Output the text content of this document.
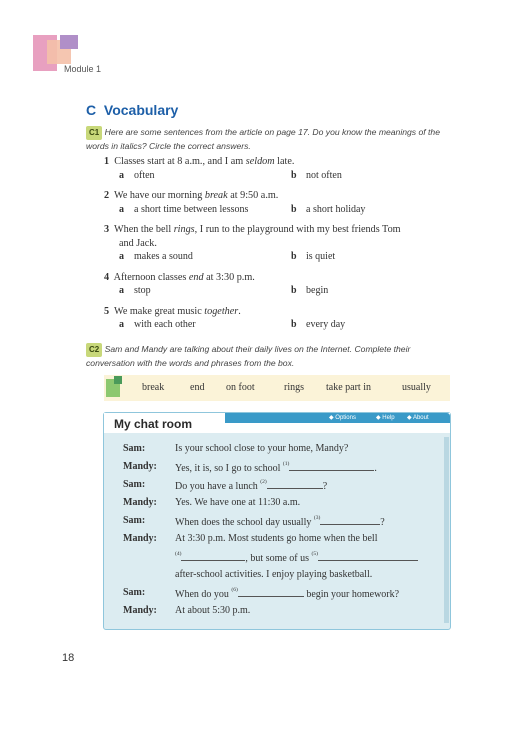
Module 1
C Vocabulary
C1 Here are some sentences from the article on page 17. Do you know the meanings of the words in italics? Circle the correct answers.
1 Classes start at 8 a.m., and I am seldom late.
a often	b not often
2 We have our morning break at 9:50 a.m.
a a short time between lessons	b a short holiday
3 When the bell rings, I run to the playground with my best friends Tom
and Jack.
a makes a sound	b is quiet
4 Afternoon classes end at 3:30 p.m.
a stop	b begin
5 We make great music together.
a with each other	b every day
C2 Sam and Mandy are talking about their daily lives on the Internet. Complete their conversation with the words and phrases from the box.
break	end on foot	rings take part in	usually
◆ Options	◆ Help ◆ About
My chat room
Sam:	Is your school close to your home, Mandy?
Mandy: Yes, it is, so I go to school $^{(1)}$	.
Sam:	Do you have a lunch $^{(2)}$	?
Mandy: Yes. We have one at 11:30 a.m.
Sam:	When does the school day usually $^{(3)}$	?
Mandy: At 3:30 p.m. Most students go home when the bell
$^{(4)}$	, but some of us $^{(5)}$
after-school activities. I enjoy playing basketball.
Sam:	When do you $^{(6)}$	begin your homework?
Mandy: At about 5:30 p.m.
18
